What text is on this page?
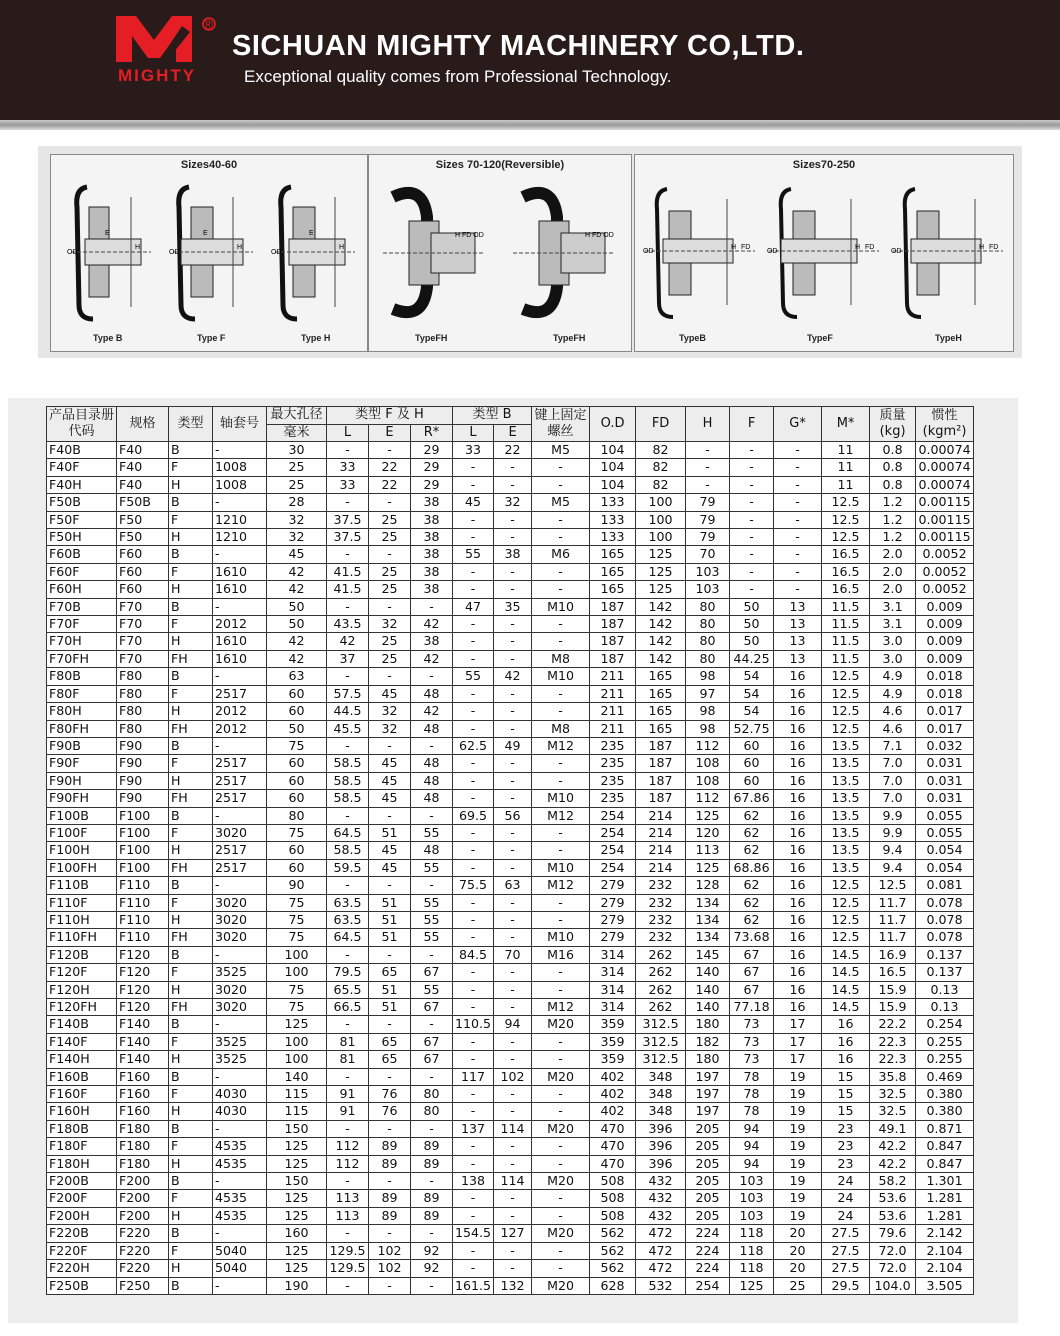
®
MIGHTY
SICHUAN MIGHTY MACHINERY CO,LTD.
Exceptional quality comes from Professional Technology.
Sizes40-60
OD
H
E
OD
H
E
OD
H
E
Type B	Type F	Type H
Sizes 70-120(Reversible)
H FD OD	H FD OD
TypeFH	TypeFH
Sizes70-250
OD
H FD
OD
H FD
OD
H FD
TypeB	TypeF	TypeH
产品目录册代码	规格	类型	轴套号	最大孔径	类型 F 及 H			类型 B		键上固定螺丝	O.D	FD	H	F	G*	M*	质量 (kg)	惯性 (kgm²)
				毫米	L	E	R*	L	E									
F40B	F40	B	-	30	-	-	29	33	22	M5	104	82	-	-	-	11	0.8	0.00074
F40F	F40	F	1008	25	33	22	29	-	-	-	104	82	-	-	-	11	0.8	0.00074
F40H	F40	H	1008	25	33	22	29	-	-	-	104	82	-	-	-	11	0.8	0.00074
F50B	F50B	B	-	28	-	-	38	45	32	M5	133	100	79	-	-	12.5	1.2	0.00115
F50F	F50	F	1210	32	37.5	25	38	-	-	-	133	100	79	-	-	12.5	1.2	0.00115
F50H	F50	H	1210	32	37.5	25	38	-	-	-	133	100	79	-	-	12.5	1.2	0.00115
F60B	F60	B	-	45	-	-	38	55	38	M6	165	125	70	-	-	16.5	2.0	0.0052
F60F	F60	F	1610	42	41.5	25	38	-	-	-	165	125	103	-	-	16.5	2.0	0.0052
F60H	F60	H	1610	42	41.5	25	38	-	-	-	165	125	103	-	-	16.5	2.0	0.0052
F70B	F70	B	-	50	-	-	-	47	35	M10	187	142	80	50	13	11.5	3.1	0.009
F70F	F70	F	2012	50	43.5	32	42	-	-	-	187	142	80	50	13	11.5	3.1	0.009
F70H	F70	H	1610	42	42	25	38	-	-	-	187	142	80	50	13	11.5	3.0	0.009
F70FH	F70	FH	1610	42	37	25	42	-	-	M8	187	142	80	44.25	13	11.5	3.0	0.009
F80B	F80	B	-	63	-	-	-	55	42	M10	211	165	98	54	16	12.5	4.9	0.018
F80F	F80	F	2517	60	57.5	45	48	-	-	-	211	165	97	54	16	12.5	4.9	0.018
F80H	F80	H	2012	60	44.5	32	42	-	-	-	211	165	98	54	16	12.5	4.6	0.017
F80FH	F80	FH	2012	50	45.5	32	48	-	-	M8	211	165	98	52.75	16	12.5	4.6	0.017
F90B	F90	B	-	75	-	-	-	62.5	49	M12	235	187	112	60	16	13.5	7.1	0.032
F90F	F90	F	2517	60	58.5	45	48	-	-	-	235	187	108	60	16	13.5	7.0	0.031
F90H	F90	H	2517	60	58.5	45	48	-	-	-	235	187	108	60	16	13.5	7.0	0.031
F90FH	F90	FH	2517	60	58.5	45	48	-	-	M10	235	187	112	67.86	16	13.5	7.0	0.031
F100B	F100	B	-	80	-	-	-	69.5	56	M12	254	214	125	62	16	13.5	9.9	0.055
F100F	F100	F	3020	75	64.5	51	55	-	-	-	254	214	120	62	16	13.5	9.9	0.055
F100H	F100	H	2517	60	58.5	45	48	-	-	-	254	214	113	62	16	13.5	9.4	0.054
F100FH	F100	FH	2517	60	59.5	45	55	-	-	M10	254	214	125	68.86	16	13.5	9.4	0.054
F110B	F110	B	-	90	-	-	-	75.5	63	M12	279	232	128	62	16	12.5	12.5	0.081
F110F	F110	F	3020	75	63.5	51	55	-	-	-	279	232	134	62	16	12.5	11.7	0.078
F110H	F110	H	3020	75	63.5	51	55	-	-	-	279	232	134	62	16	12.5	11.7	0.078
F110FH	F110	FH	3020	75	64.5	51	55	-	-	M10	279	232	134	73.68	16	12.5	11.7	0.078
F120B	F120	B	-	100	-	-	-	84.5	70	M16	314	262	145	67	16	14.5	16.9	0.137
F120F	F120	F	3525	100	79.5	65	67	-	-	-	314	262	140	67	16	14.5	16.5	0.137
F120H	F120	H	3020	75	65.5	51	55	-	-	-	314	262	140	67	16	14.5	15.9	0.13
F120FH	F120	FH	3020	75	66.5	51	67	-	-	M12	314	262	140	77.18	16	14.5	15.9	0.13
F140B	F140	B	-	125	-	-	-	110.5	94	M20	359	312.5	180	73	17	16	22.2	0.254
F140F	F140	F	3525	100	81	65	67	-	-	-	359	312.5	182	73	17	16	22.3	0.255
F140H	F140	H	3525	100	81	65	67	-	-	-	359	312.5	180	73	17	16	22.3	0.255
F160B	F160	B	-	140	-	-	-	117	102	M20	402	348	197	78	19	15	35.8	0.469
F160F	F160	F	4030	115	91	76	80	-	-	-	402	348	197	78	19	15	32.5	0.380
F160H	F160	H	4030	115	91	76	80	-	-	-	402	348	197	78	19	15	32.5	0.380
F180B	F180	B	-	150	-	-	-	137	114	M20	470	396	205	94	19	23	49.1	0.871
F180F	F180	F	4535	125	112	89	89	-	-	-	470	396	205	94	19	23	42.2	0.847
F180H	F180	H	4535	125	112	89	89	-	-	-	470	396	205	94	19	23	42.2	0.847
F200B	F200	B	-	150	-	-	-	138	114	M20	508	432	205	103	19	24	58.2	1.301
F200F	F200	F	4535	125	113	89	89	-	-	-	508	432	205	103	19	24	53.6	1.281
F200H	F200	H	4535	125	113	89	89	-	-	-	508	432	205	103	19	24	53.6	1.281
F220B	F220	B	-	160	-	-	-	154.5	127	M20	562	472	224	118	20	27.5	79.6	2.142
F220F	F220	F	5040	125	129.5	102	92	-	-	-	562	472	224	118	20	27.5	72.0	2.104
F220H	F220	H	5040	125	129.5	102	92	-	-	-	562	472	224	118	20	27.5	72.0	2.104
F250B	F250	B	-	190	-	-	-	161.5	132	M20	628	532	254	125	25	29.5	104.0	3.505
